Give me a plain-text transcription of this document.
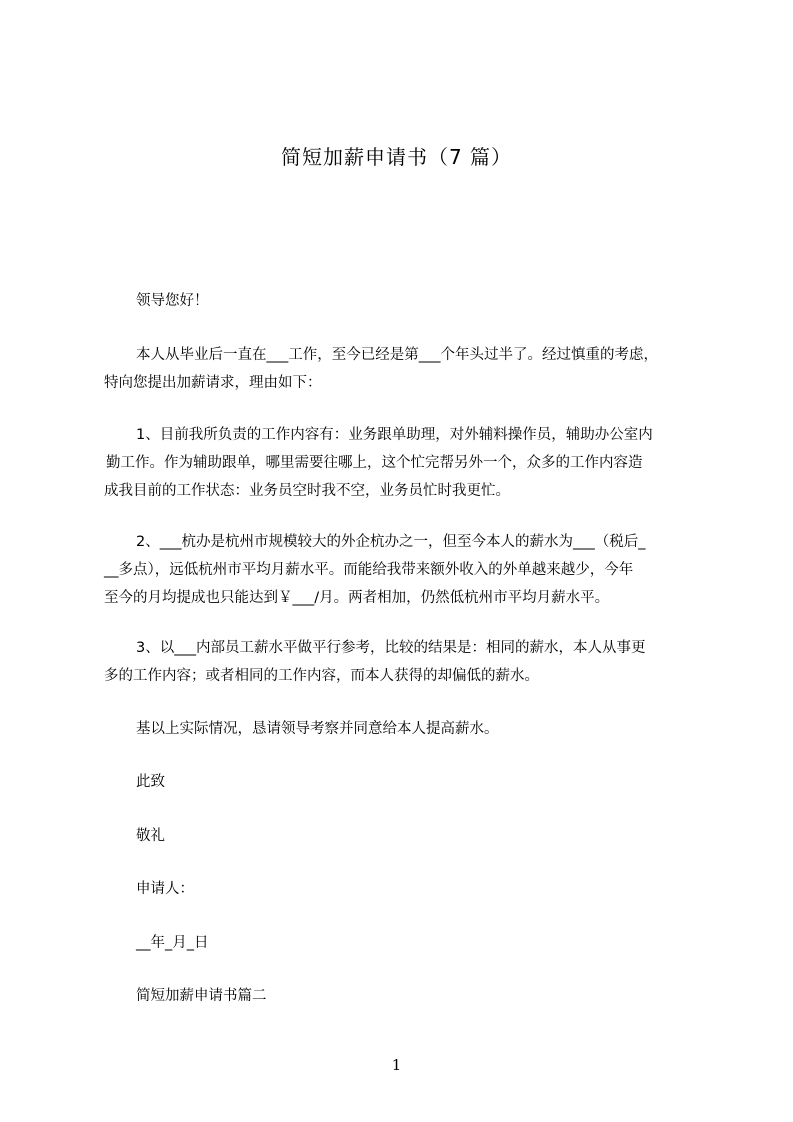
简短加薪申请书（7 篇）

领导您好！

本人从毕业后一直在___工作，至今已经是第___个年头过半了。经过慎重的考虑，
特向您提出加薪请求，理由如下：
1、目前我所负责的工作内容有：业务跟单助理，对外辅料操作员，辅助办公室内
勤工作。作为辅助跟单，哪里需要往哪上，这个忙完帮另外一个，众多的工作内容造
成我目前的工作状态：业务员空时我不空，业务员忙时我更忙。
2、___杭办是杭州市规模较大的外企杭办之一，但至今本人的薪水为___（税后_
__多点），远低杭州市平均月薪水平。而能给我带来额外收入的外单越来越少，今年
至今的月均提成也只能达到￥___/月。两者相加，仍然低杭州市平均月薪水平。
3、以___内部员工薪水平做平行参考，比较的结果是：相同的薪水，本人从事更
多的工作内容；或者相同的工作内容，而本人获得的却偏低的薪水。

基以上实际情况，恳请领导考察并同意给本人提高薪水。

此致

敬礼

申请人：

__年_月_日

简短加薪申请书篇二

1
